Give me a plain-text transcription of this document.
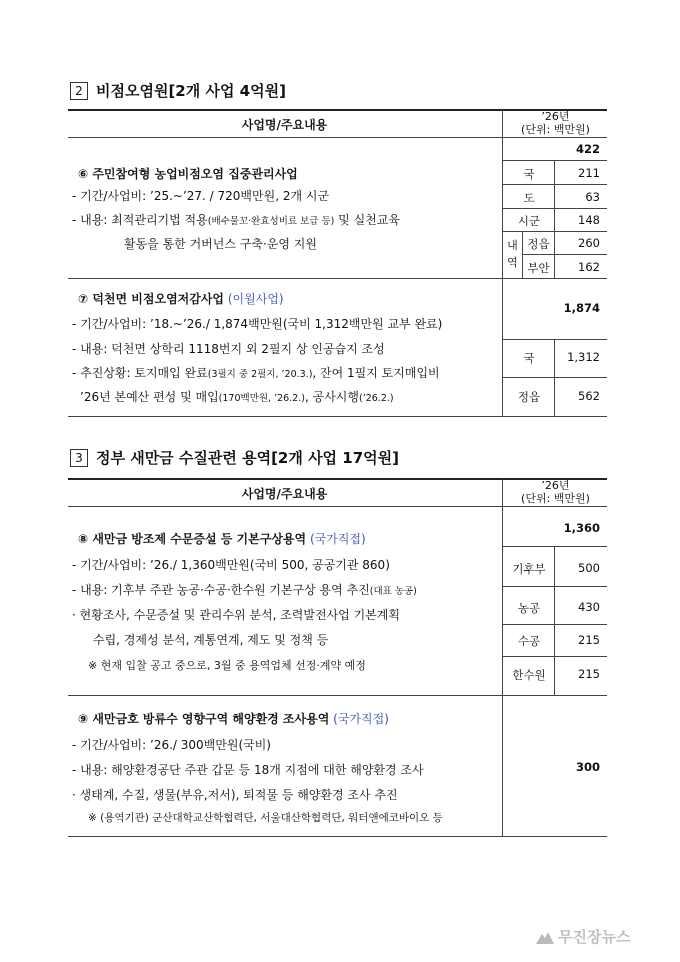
2 비점오염원[2개 사업 4억원]
사업명/주요내용
’26년
(단위: 백만원)
⑥ 주민참여형 농업비점오염 집중관리사업
- 기간/사업비: ’25.~’27. / 720백만원, 2개 시군
- 내용: 최적관리기법 적용(배수물꼬·완효성비료 보급 등) 및 실천교육
활동을 통한 거버넌스 구축·운영 지원
422
국	211
도	63
시군	148
내역
정읍	260
부안	162
⑦ 덕천면 비점오염저감사업 (이월사업)
- 기간/사업비: ’18.~’26./ 1,874백만원(국비 1,312백만원 교부 완료)
- 내용: 덕천면 상학리 1118번지 외 2필지 상 인공습지 조성
- 추진상황: 토지매입 완료(3필지 중 2필지, ’20.3.), 잔여 1필지 토지매입비
’26년 본예산 편성 및 매입(170백만원, ’26.2.), 공사시행(’26.2.)
1,874
국	1,312
정읍	562
3 정부 새만금 수질관련 용역[2개 사업 17억원]
사업명/주요내용
’26년
(단위: 백만원)
⑧ 새만금 방조제 수문증설 등 기본구상용역 (국가직접)
- 기간/사업비: ’26./ 1,360백만원(국비 500, 공공기관 860)
- 내용: 기후부 주관 농공·수공·한수원 기본구상 용역 추진(대표 농공)
· 현황조사, 수문증설 및 관리수위 분석, 조력발전사업 기본계획
수립, 경제성 분석, 계통연계, 제도 및 정책 등
※ 현재 입찰 공고 중으로, 3월 중 용역업체 선정·계약 예정
1,360
기후부	500
농공	430
수공	215
한수원	215
⑨ 새만금호 방류수 영향구역 해양환경 조사용역 (국가직접)
- 기간/사업비: ’26./ 300백만원(국비)
- 내용: 해양환경공단 주관 갑문 등 18개 지점에 대한 해양환경 조사
· 생태계, 수질, 생물(부유,저서), 퇴적물 등 해양환경 조사 추진
※ (용역기관) 군산대학교산학협력단, 서울대산학협력단, 워터앤에코바이오 등
300
무진장뉴스
